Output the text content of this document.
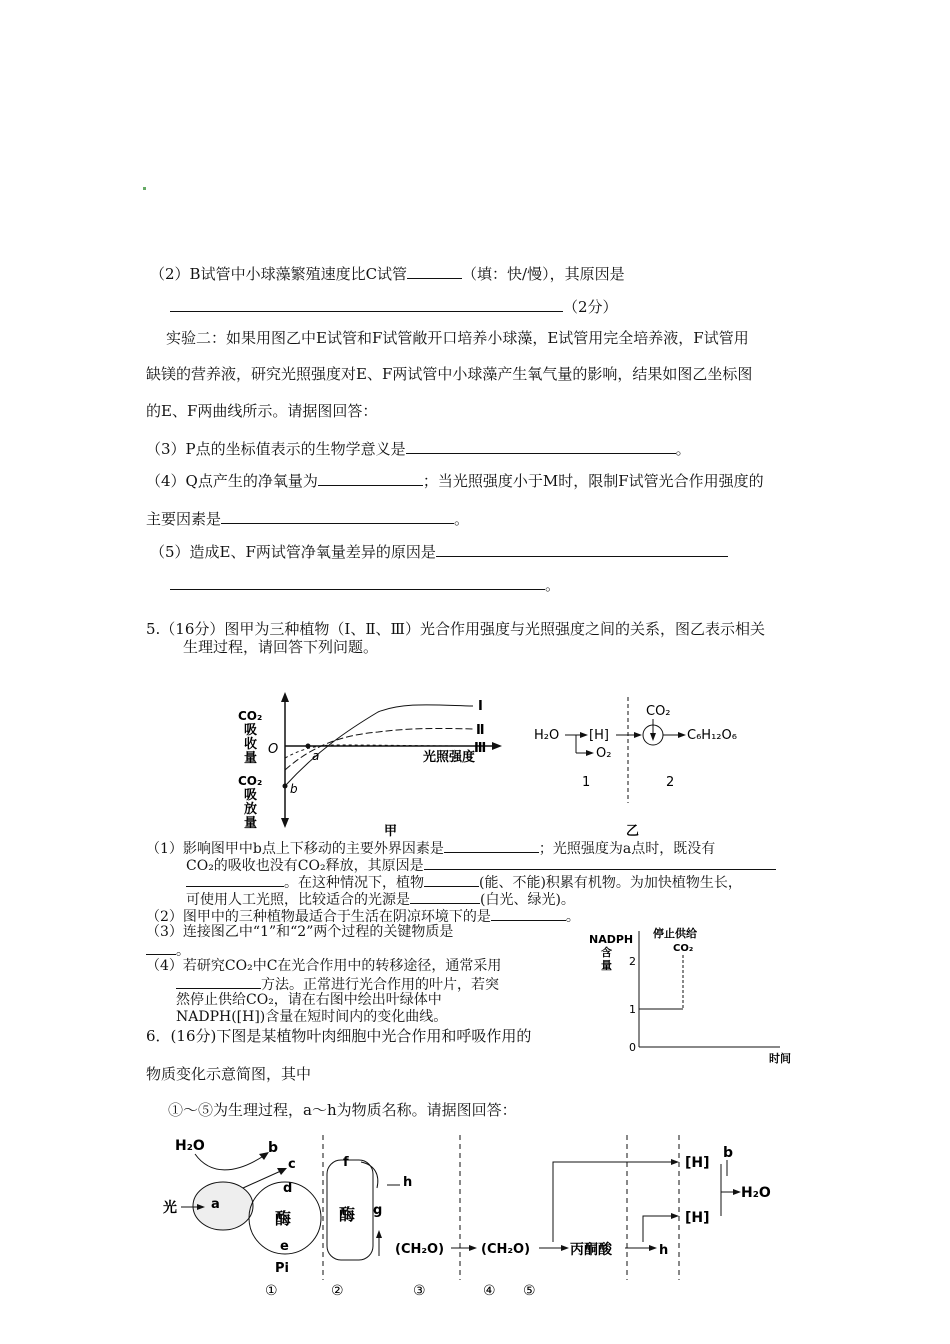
（2）B试管中小球藻繁殖速度比C试管	（填：快/慢），其原因是
（2分）
实验二：如果用图乙中E试管和F试管敞开口培养小球藻，E试管用完全培养液，F试管用
缺镁的营养液，研究光照强度对E、F两试管中小球藻产生氧气量的影响，结果如图乙坐标图
的E、F两曲线所示。请据图回答：
（3）P点的坐标值表示的生物学意义是	。
（4）Q点产生的净氧量为	；当光照强度小于M时，限制F试管光合作用强度的
主要因素是	。
（5）造成E、F两试管净氧量差异的原因是
。
5.（16分）图甲为三种植物（Ⅰ、Ⅱ、Ⅲ）光合作用强度与光照强度之间的关系，图乙表示相关
生理过程，请回答下列问题。
CO₂
吸
收
量
O
CO₂
吸
放
量
光照强度
a
b
Ⅰ
Ⅱ
Ⅲ
甲
H₂O [H]
O₂
CO₂
C₆H₁₂O₆
1	2
乙
（1）影响图甲中b点上下移动的主要外界因素是	；光照强度为a点时，既没有
CO₂的吸收也没有CO₂释放，其原因是
。在这种情况下，植物	(能、不能)积累有机物。为加快植物生长，
可使用人工光照，比较适合的光源是	(白光、绿光)。
（2）图甲中的三种植物最适合于生活在阴凉环境下的是	。
（3）连接图乙中“1”和“2”两个过程的关键物质是
。
（4）若研究CO₂中C在光合作用中的转移途径，通常采用
方法。正常进行光合作用的叶片，若突
然停止供给CO₂，请在右图中绘出叶绿体中
NADPH([H])含量在短时间内的变化曲线。
NADPH
含
量
停止供给
CO₂
2
1
0
时间
6．(16分)下图是某植物叶肉细胞中光合作用和呼吸作用的
物质变化示意简图，其中
①～⑤为生理过程，a～h为物质名称。请据图回答：
H₂O	b
光	a
c
d
酶
e
Pi
酶
f
h
g
(CH₂O)	(CH₂O)	丙酮酸	h
[H]
[H]
b
H₂O
①	②	③	④ ⑤
